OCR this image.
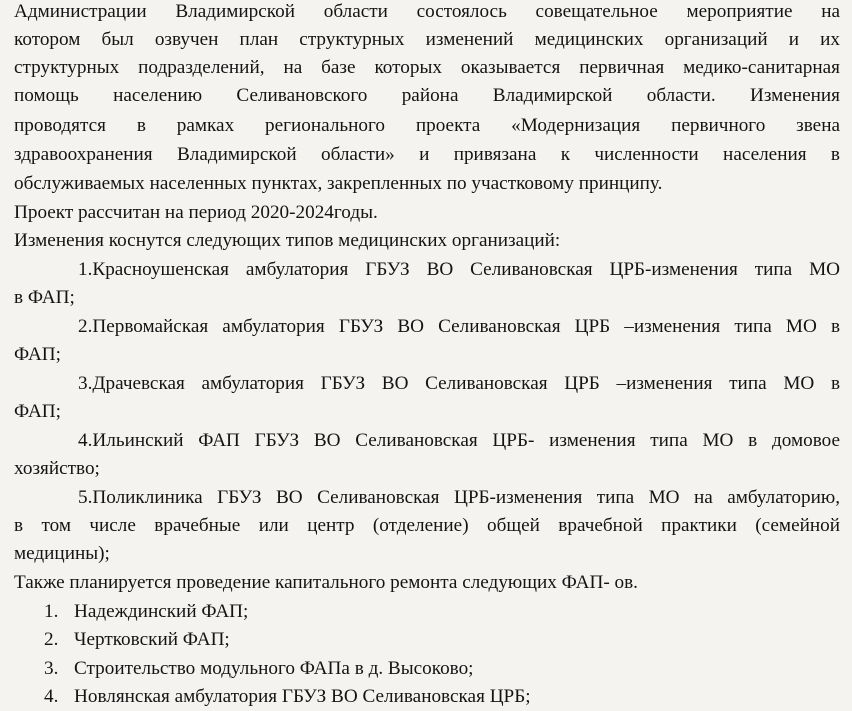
Администрации Владимирской области состоялось совещательное мероприятие на
котором был озвучен план структурных изменений медицинских организаций и их
структурных подразделений, на базе которых оказывается первичная медико-санитарная
помощь населению Селивановского района Владимирской области. Изменения
проводятся в рамках регионального проекта «Модернизация первичного звена
здравоохранения Владимирской области» и привязана к численности населения в
обслуживаемых населенных пунктах, закрепленных по участковому принципу.
Проект рассчитан на период 2020-2024годы.
Изменения коснутся следующих типов медицинских организаций:
1.Красноушенская амбулатория ГБУЗ ВО Селивановская ЦРБ-изменения типа МО
в ФАП;
2.Первомайская амбулатория ГБУЗ ВО Селивановская ЦРБ –изменения типа МО в
ФАП;
3.Драчевская амбулатория ГБУЗ ВО Селивановская ЦРБ –изменения типа МО в
ФАП;
4.Ильинский ФАП ГБУЗ ВО Селивановская ЦРБ- изменения типа МО в домовое
хозяйство;
5.Поликлиника ГБУЗ ВО Селивановская ЦРБ-изменения типа МО на амбулаторию,
в том числе врачебные или центр (отделение) общей врачебной практики (семейной
медицины);
Также планируется проведение капитального ремонта следующих ФАП- ов.
1. Надеждинский ФАП;
2. Чертковский ФАП;
3. Строительство модульного ФАПа в д. Высоково;
4. Новлянская амбулатория ГБУЗ ВО Селивановская ЦРБ;
